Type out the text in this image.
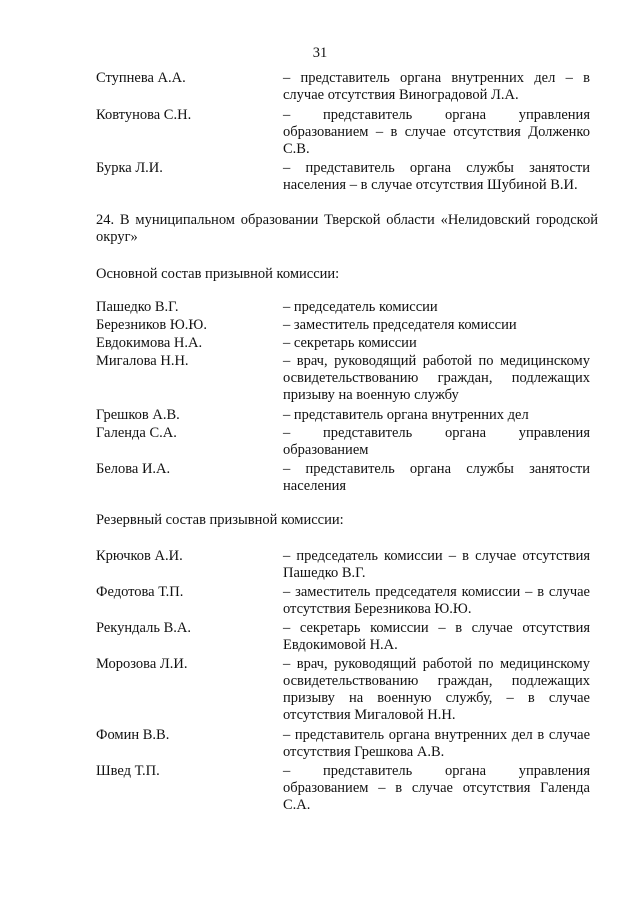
31
Ступнева А.А.	– представитель органа внутренних дел – в случае отсутствия Виноградовой Л.А.
Ковтунова С.Н.	– представитель органа управления образованием – в случае отсутствия Долженко С.В.
Бурка Л.И.	– представитель органа службы занятости населения – в случае отсутствия Шубиной В.И.
24. В муниципальном образовании Тверской области «Нелидовский городской округ»
Основной состав призывной комиссии:
Пашедко В.Г.	– председатель комиссии
Березников Ю.Ю.	– заместитель председателя комиссии
Евдокимова Н.А.	– секретарь комиссии
Мигалова Н.Н.	– врач, руководящий работой по медицинскому освидетельствованию граждан, подлежащих призыву на военную службу
Грешков А.В.	– представитель органа внутренних дел
Галенда С.А.	– представитель органа управления образованием
Белова И.А.	– представитель органа службы занятости населения
Резервный состав призывной комиссии:
Крючков А.И.	– председатель комиссии – в случае отсутствия Пашедко В.Г.
Федотова Т.П.	– заместитель председателя комиссии – в случае отсутствия Березникова Ю.Ю.
Рекундаль В.А.	– секретарь комиссии – в случае отсутствия Евдокимовой Н.А.
Морозова Л.И.	– врач, руководящий работой по медицинскому освидетельствованию граждан, подлежащих призыву на военную службу, – в случае отсутствия Мигаловой Н.Н.
Фомин В.В.	– представитель органа внутренних дел в случае отсутствия Грешкова А.В.
Швед Т.П.	– представитель органа управления образованием – в случае отсутствия Галенда С.А.
